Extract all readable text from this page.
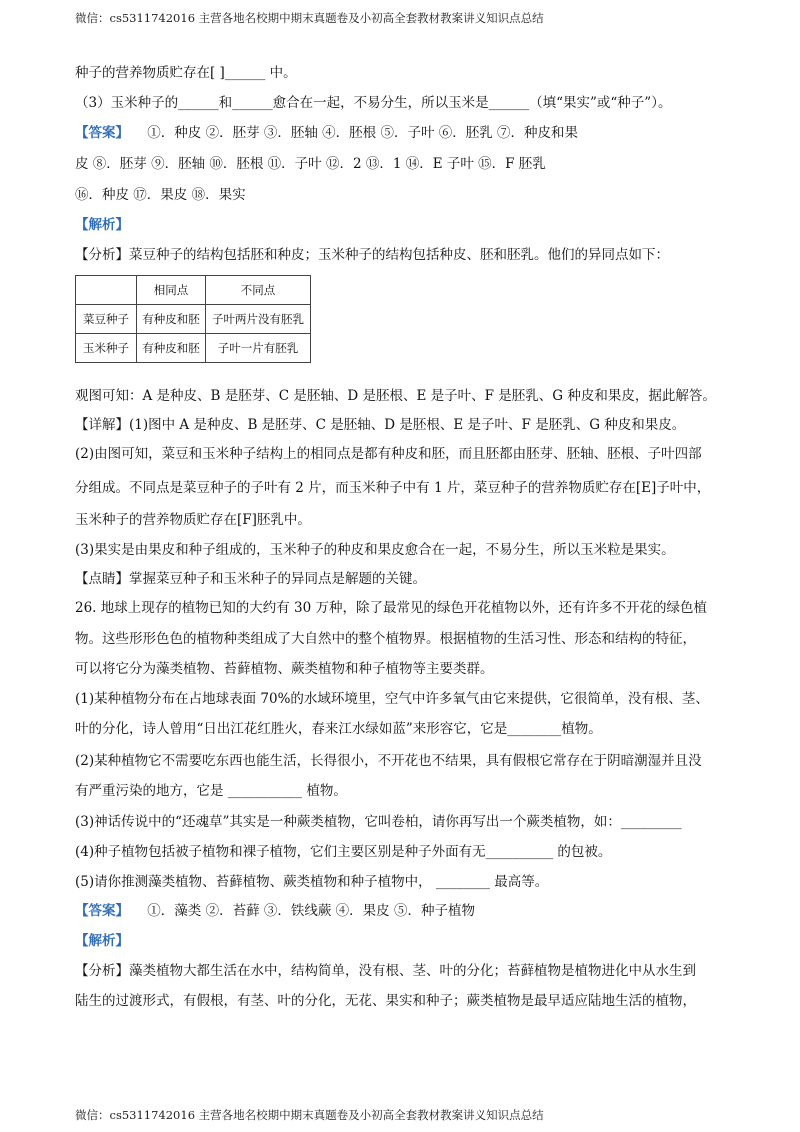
微信：cs5311742016 主营各地名校期中期末真题卷及小初高全套教材教案讲义知识点总结
种子的营养物质贮存在[ ]______ 中。
（3）玉米种子的______和______愈合在一起，不易分生，所以玉米是______（填“果实”或“种子”）。
【答案】 ①．种皮 ②．胚芽 ③．胚轴 ④．胚根 ⑤．子叶 ⑥．胚乳 ⑦．种皮和果
皮 ⑧．胚芽 ⑨．胚轴 ⑩．胚根 ⑪．子叶 ⑫．2 ⑬．1 ⑭．E 子叶 ⑮．F 胚乳
⑯．种皮 ⑰．果皮 ⑱．果实
【解析】
【分析】菜豆种子的结构包括胚和种皮；玉米种子的结构包括种皮、胚和胚乳。他们的异同点如下：
	相同点	不同点
菜豆种子	有种皮和胚	子叶两片没有胚乳
玉米种子	有种皮和胚	子叶一片有胚乳
观图可知：A 是种皮、B 是胚芽、C 是胚轴、D 是胚根、E 是子叶、F 是胚乳、G 种皮和果皮，据此解答。
【详解】(1)图中 A 是种皮、B 是胚芽、C 是胚轴、D 是胚根、E 是子叶、F 是胚乳、G 种皮和果皮。
(2)由图可知，菜豆和玉米种子结构上的相同点是都有种皮和胚，而且胚都由胚芽、胚轴、胚根、子叶四部
分组成。不同点是菜豆种子的子叶有 2 片，而玉米种子中有 1 片，菜豆种子的营养物质贮存在[E]子叶中，
玉米种子的营养物质贮存在[F]胚乳中。
(3)果实是由果皮和种子组成的，玉米种子的种皮和果皮愈合在一起，不易分生，所以玉米粒是果实。
【点睛】掌握菜豆种子和玉米种子的异同点是解题的关键。
26. 地球上现存的植物已知的大约有 30 万种，除了最常见的绿色开花植物以外，还有许多不开花的绿色植
物。这些形形色色的植物种类组成了大自然中的整个植物界。根据植物的生活习性、形态和结构的特征，
可以将它分为藻类植物、苔藓植物、蕨类植物和种子植物等主要类群。
(1)某种植物分布在占地球表面 70%的水域环境里，空气中许多氧气由它来提供，它很简单，没有根、茎、
叶的分化，诗人曾用“日出江花红胜火，春来江水绿如蓝”来形容它，它是________植物。
(2)某种植物它不需要吃东西也能生活，长得很小，不开花也不结果，具有假根它常存在于阴暗潮湿并且没
有严重污染的地方，它是 ___________ 植物。
(3)神话传说中的“还魂草”其实是一种蕨类植物，它叫卷柏，请你再写出一个蕨类植物，如：_________
(4)种子植物包括被子植物和裸子植物，它们主要区别是种子外面有无__________ 的包被。
(5)请你推测藻类植物、苔藓植物、蕨类植物和种子植物中， ________ 最高等。
【答案】 ①．藻类 ②．苔藓 ③．铁线蕨 ④．果皮 ⑤．种子植物
【解析】
【分析】藻类植物大都生活在水中，结构简单，没有根、茎、叶的分化；苔藓植物是植物进化中从水生到
陆生的过渡形式，有假根，有茎、叶的分化，无花、果实和种子；蕨类植物是最早适应陆地生活的植物，
微信：cs5311742016 主营各地名校期中期末真题卷及小初高全套教材教案讲义知识点总结
